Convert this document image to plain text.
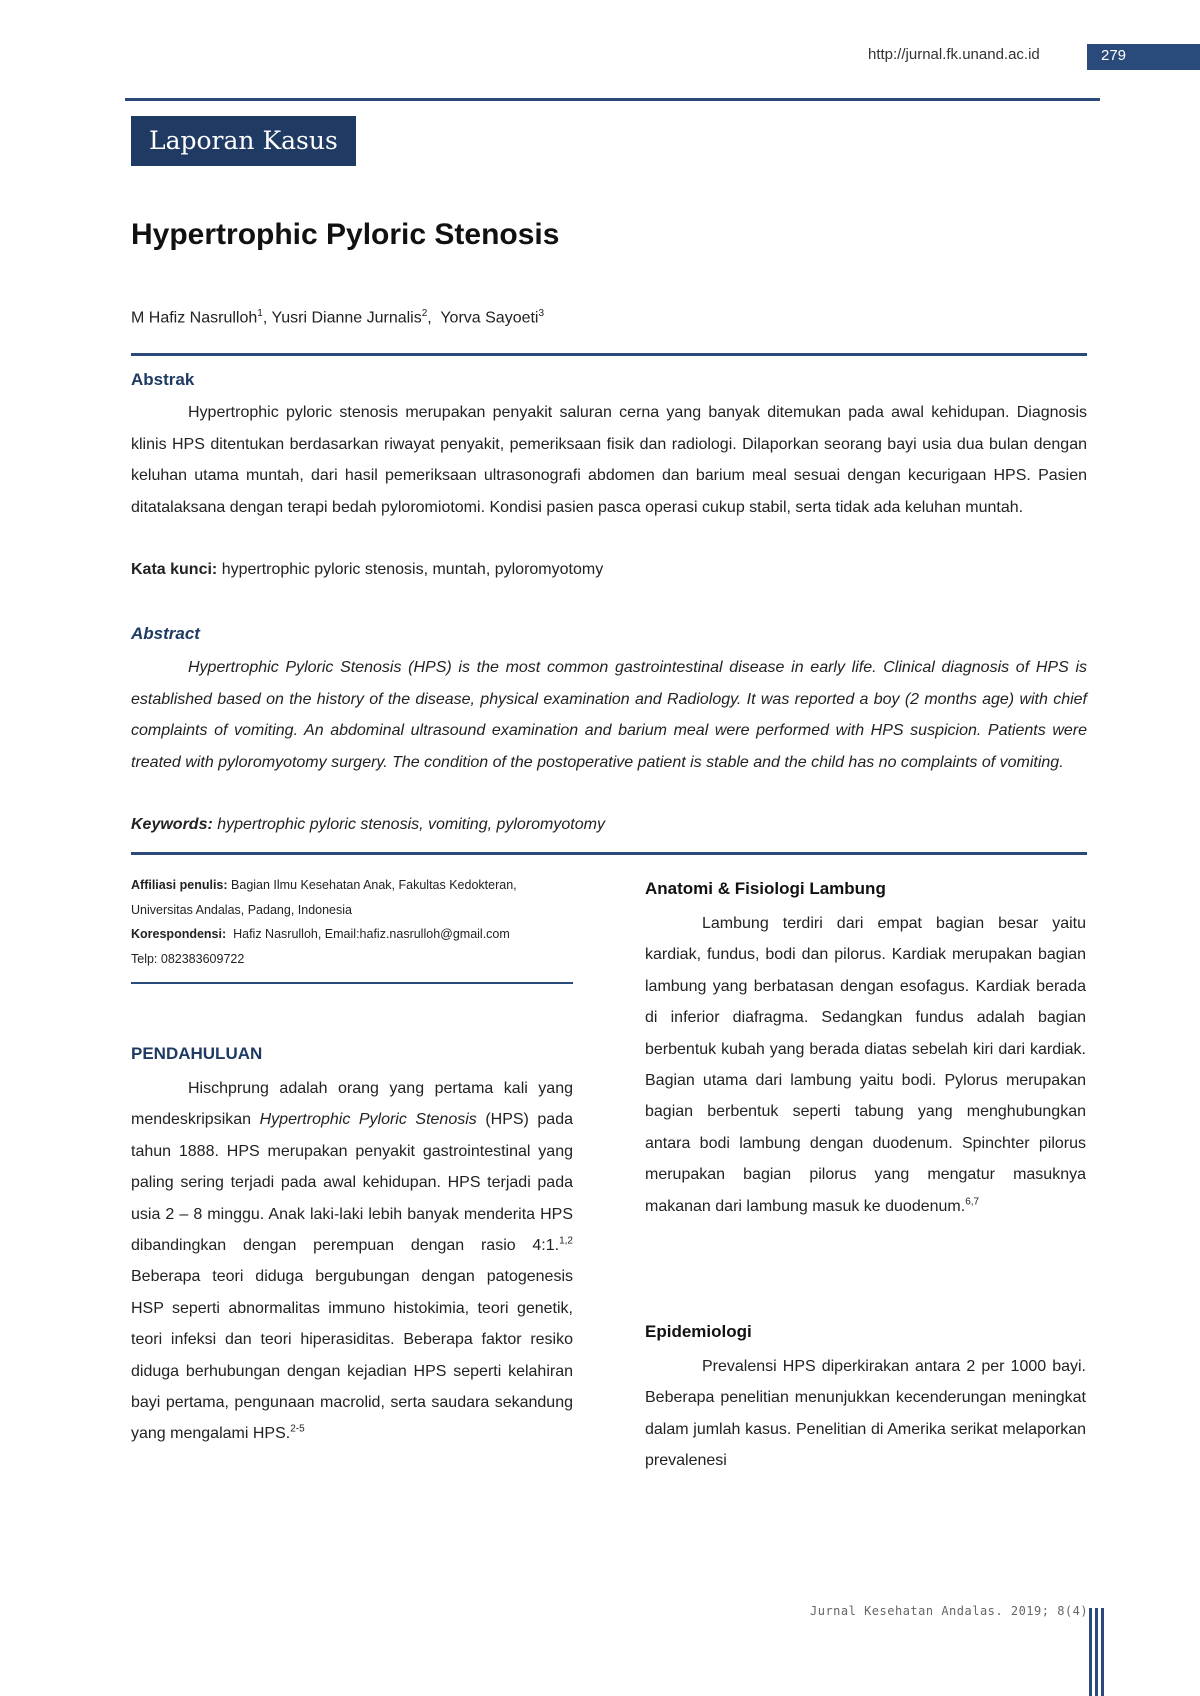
http://jurnal.fk.unand.ac.id	279
Laporan Kasus
Hypertrophic Pyloric Stenosis
M Hafiz Nasrulloh$^1$, Yusri Dianne Jurnalis$^2$,  Yorva Sayoeti$^3$
Abstrak
Hypertrophic pyloric stenosis merupakan penyakit saluran cerna yang banyak ditemukan pada awal kehidupan. Diagnosis klinis HPS ditentukan berdasarkan riwayat penyakit, pemeriksaan fisik dan radiologi. Dilaporkan seorang bayi usia dua bulan dengan keluhan utama muntah, dari hasil pemeriksaan ultrasonografi abdomen dan barium meal sesuai dengan kecurigaan HPS. Pasien ditatalaksana dengan terapi bedah pyloromiotomi. Kondisi pasien pasca operasi cukup stabil, serta tidak ada keluhan muntah.
Kata kunci: hypertrophic pyloric stenosis, muntah, pyloromyotomy
Abstract
Hypertrophic Pyloric Stenosis (HPS) is the most common gastrointestinal disease in early life. Clinical diagnosis of HPS is established based on the history of the disease, physical examination and Radiology. It was reported a boy (2 months age) with chief complaints of vomiting. An abdominal ultrasound examination and barium meal were performed with HPS suspicion. Patients were treated with pyloromyotomy surgery. The condition of the postoperative patient is stable and the child has no complaints of vomiting.
Keywords: hypertrophic pyloric stenosis, vomiting, pyloromyotomy
Affiliasi penulis: Bagian Ilmu Kesehatan Anak, Fakultas Kedokteran, Universitas Andalas, Padang, Indonesia
Korespondensi: Hafiz Nasrulloh, Email:hafiz.nasrulloh@gmail.com
Telp: 082383609722
PENDAHULUAN
Hischprung adalah orang yang pertama kali yang mendeskripsikan Hypertrophic Pyloric Stenosis (HPS) pada tahun 1888. HPS merupakan penyakit gastrointestinal yang paling sering terjadi pada awal kehidupan. HPS terjadi pada usia 2 – 8 minggu. Anak laki-laki lebih banyak menderita HPS dibandingkan dengan perempuan dengan rasio 4:1.$^{1,2}$ Beberapa teori diduga bergubungan dengan patogenesis HSP seperti abnormalitas immuno histokimia, teori genetik, teori infeksi dan teori hiperasiditas. Beberapa faktor resiko diduga berhubungan dengan kejadian HPS seperti kelahiran bayi pertama, pengunaan macrolid, serta saudara sekandung yang mengalami HPS.$^{2-5}$
Anatomi & Fisiologi Lambung
Lambung terdiri dari empat bagian besar yaitu kardiak, fundus, bodi dan pilorus. Kardiak merupakan bagian lambung yang berbatasan dengan esofagus. Kardiak berada di inferior diafragma. Sedangkan fundus adalah bagian berbentuk kubah yang berada diatas sebelah kiri dari kardiak. Bagian utama dari lambung yaitu bodi. Pylorus merupakan bagian berbentuk seperti tabung yang menghubungkan antara bodi lambung dengan duodenum. Spinchter pilorus merupakan bagian pilorus yang mengatur masuknya makanan dari lambung masuk ke duodenum.$^{6,7}$
Epidemiologi
Prevalensi HPS diperkirakan antara 2 per 1000 bayi. Beberapa penelitian menunjukkan kecenderungan meningkat dalam jumlah kasus. Penelitian di Amerika serikat melaporkan prevalenesi
Jurnal Kesehatan Andalas. 2019; 8(4)
